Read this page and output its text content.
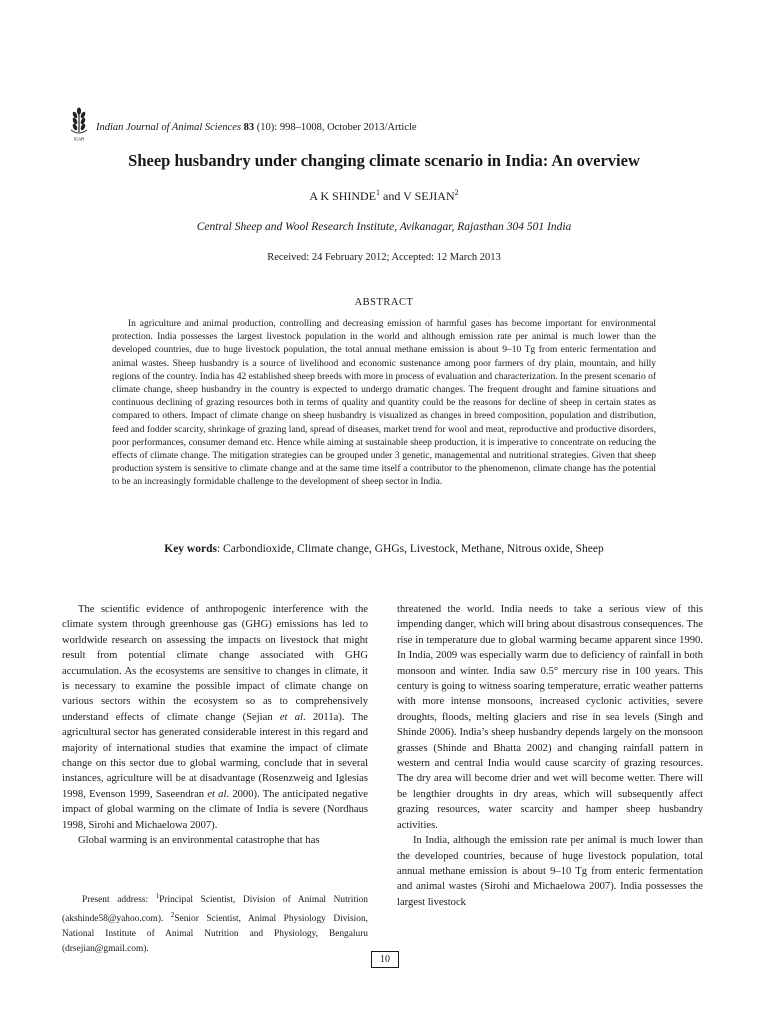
ICAR
Indian Journal of Animal Sciences 83 (10): 998–1008, October 2013/Article
Sheep husbandry under changing climate scenario in India: An overview
A K SHINDE$^1$ and V SEJIAN$^2$
Central Sheep and Wool Research Institute, Avikanagar, Rajasthan 304 501 India
Received: 24 February 2012; Accepted: 12 March 2013
ABSTRACT

In agriculture and animal production, controlling and decreasing emission of harmful gases has become important for environmental protection. India possesses the largest livestock population in the world and although emission rate per animal is much lower than the developed countries, due to huge livestock population, the total annual methane emission is about 9–10 Tg from enteric fermentation and animal wastes. Sheep husbandry is a source of livelihood and economic sustenance among poor farmers of dry plain, mountain, and hilly regions of the country. India has 42 established sheep breeds with more in process of evaluation and characterization. In the present scenario of climate change, sheep husbandry in the country is expected to undergo dramatic changes. The frequent drought and famine situations and continuous declining of grazing resources both in terms of quality and quantity could be the reasons for decline of sheep in certain states as compared to others. Impact of climate change on sheep husbandry is visualized as changes in breed composition, population and distribution, feed and fodder scarcity, shrinkage of grazing land, spread of diseases, market trend for wool and meat, reproductive and productive disorders, poor performances, consumer demand etc. Hence while aiming at sustainable sheep production, it is imperative to concentrate on reducing the effects of climate change. The mitigation strategies can be grouped under 3 genetic, managemental and nutritional strategies. Given that sheep production system is sensitive to climate change and at the same time itself a contributor to the phenomenon, climate change has the potential to be an increasingly formidable challenge to the development of sheep sector in India.

Key words: Carbondioxide, Climate change, GHGs, Livestock, Methane, Nitrous oxide, Sheep

The scientific evidence of anthropogenic interference with the climate system through greenhouse gas (GHG) emissions has led to worldwide research on assessing the impacts on livestock that might result from potential climate change associated with GHG accumulation. As the ecosystems are sensitive to changes in climate, it is necessary to examine the possible impact of climate change on various sectors within the ecosystem so as to comprehensively understand effects of climate change (Sejian et al. 2011a). The agricultural sector has generated considerable interest in this regard and majority of international studies that examine the impact of climate change on this sector due to global warming, conclude that in several instances, agriculture will be at disadvantage (Rosenzweig and Iglesias 1998, Evenson 1999, Saseendran et al. 2000). The anticipated negative impact of global warming on the climate of India is severe (Nordhaus 1998, Sirohi and Michaelowa 2007).

Global warming is an environmental catastrophe that has

Present address: $^1$Principal Scientist, Division of Animal Nutrition (akshinde58@yahoo.com). $^2$Senior Scientist, Animal Physiology Division, National Institute of Animal Nutrition and Physiology, Bengaluru (drsejian@gmail.com).

threatened the world. India needs to take a serious view of this impending danger, which will bring about disastrous consequences. The rise in temperature due to global warming became apparent since 1990. In India, 2009 was especially warm due to deficiency of rainfall in both monsoon and winter. India saw 0.5° mercury rise in 100 years. This century is going to witness soaring temperature, erratic weather patterns with more intense monsoons, increased cyclonic activities, severe droughts, floods, melting glaciers and rise in sea levels (Singh and Shinde 2006). India’s sheep husbandry depends largely on the monsoon grasses (Shinde and Bhatta 2002) and changing rainfall pattern in western and central India would cause scarcity of grazing resources. The dry area will become drier and wet will become wetter. There will be lengthier droughts in dry areas, which will subsequently affect grazing resources, water scarcity and hamper sheep husbandry activities.

In India, although the emission rate per animal is much lower than the developed countries, because of huge livestock population, total annual methane emission is about 9–10 Tg from enteric fermentation and animal wastes (Sirohi and Michaelowa 2007). India possesses the largest livestock

10
